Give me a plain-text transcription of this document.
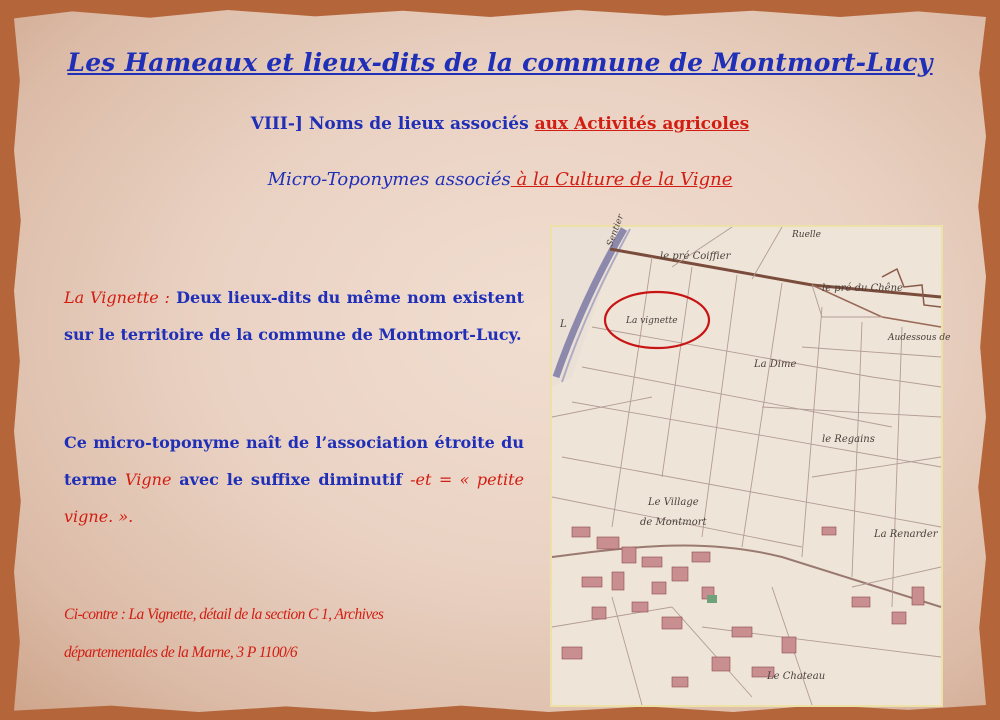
Les Hameaux et lieux-dits de la commune de Montmort-Lucy
VIII-] Noms de lieux associés aux Activités agricoles
Micro-Toponymes associés à la Culture de la Vigne
La Vignette : Deux lieux-dits du même nom existent sur le territoire de la commune de Montmort-Lucy.
Ce micro-toponyme naît de l’association étroite du terme Vigne avec le suffixe diminutif -et = « petite vigne. ».
Ci-contre : La Vignette, détail de la section C 1, Archives
départementales de la Marne, 3 P 1100/6
le pré Coiffier
La vignette
le pré du Chêne
Audessous de
La Dime
le Regains
Le Village
de Montmort
La Renarder
Le Chateau
L
Sentier	Ruelle
